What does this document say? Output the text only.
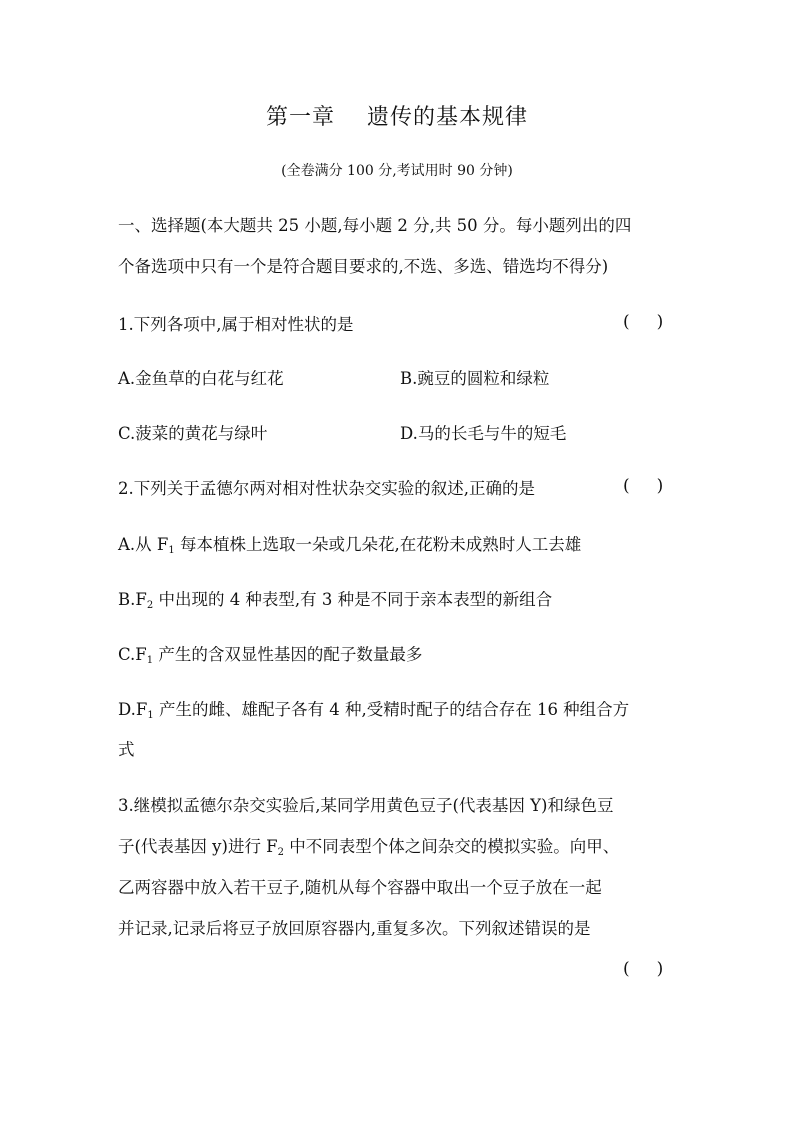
第一章    遗传的基本规律
(全卷满分 100 分,考试用时 90 分钟)
一、选择题(本大题共 25 小题,每小题 2 分,共 50 分。每小题列出的四
个备选项中只有一个是符合题目要求的,不选、多选、错选均不得分)
1.下列各项中,属于相对性状的是	(     )
A.金鱼草的白花与红花	B.豌豆的圆粒和绿粒
C.菠菜的黄花与绿叶	D.马的长毛与牛的短毛
2.下列关于孟德尔两对相对性状杂交实验的叙述,正确的是	(     )
A.从 $F_1$ 每本植株上选取一朵或几朵花,在花粉未成熟时人工去雄
$B.F_2$ 中出现的 4 种表型,有 3 种是不同于亲本表型的新组合
$C.F_1$ 产生的含双显性基因的配子数量最多
$D.F_1$ 产生的雌、雄配子各有 4 种,受精时配子的结合存在 16 种组合方
式
3.继模拟孟德尔杂交实验后,某同学用黄色豆子(代表基因 Y)和绿色豆
子(代表基因 y)进行 $F_2$ 中不同表型个体之间杂交的模拟实验。向甲、
乙两容器中放入若干豆子,随机从每个容器中取出一个豆子放在一起
并记录,记录后将豆子放回原容器内,重复多次。下列叙述错误的是
(     )
